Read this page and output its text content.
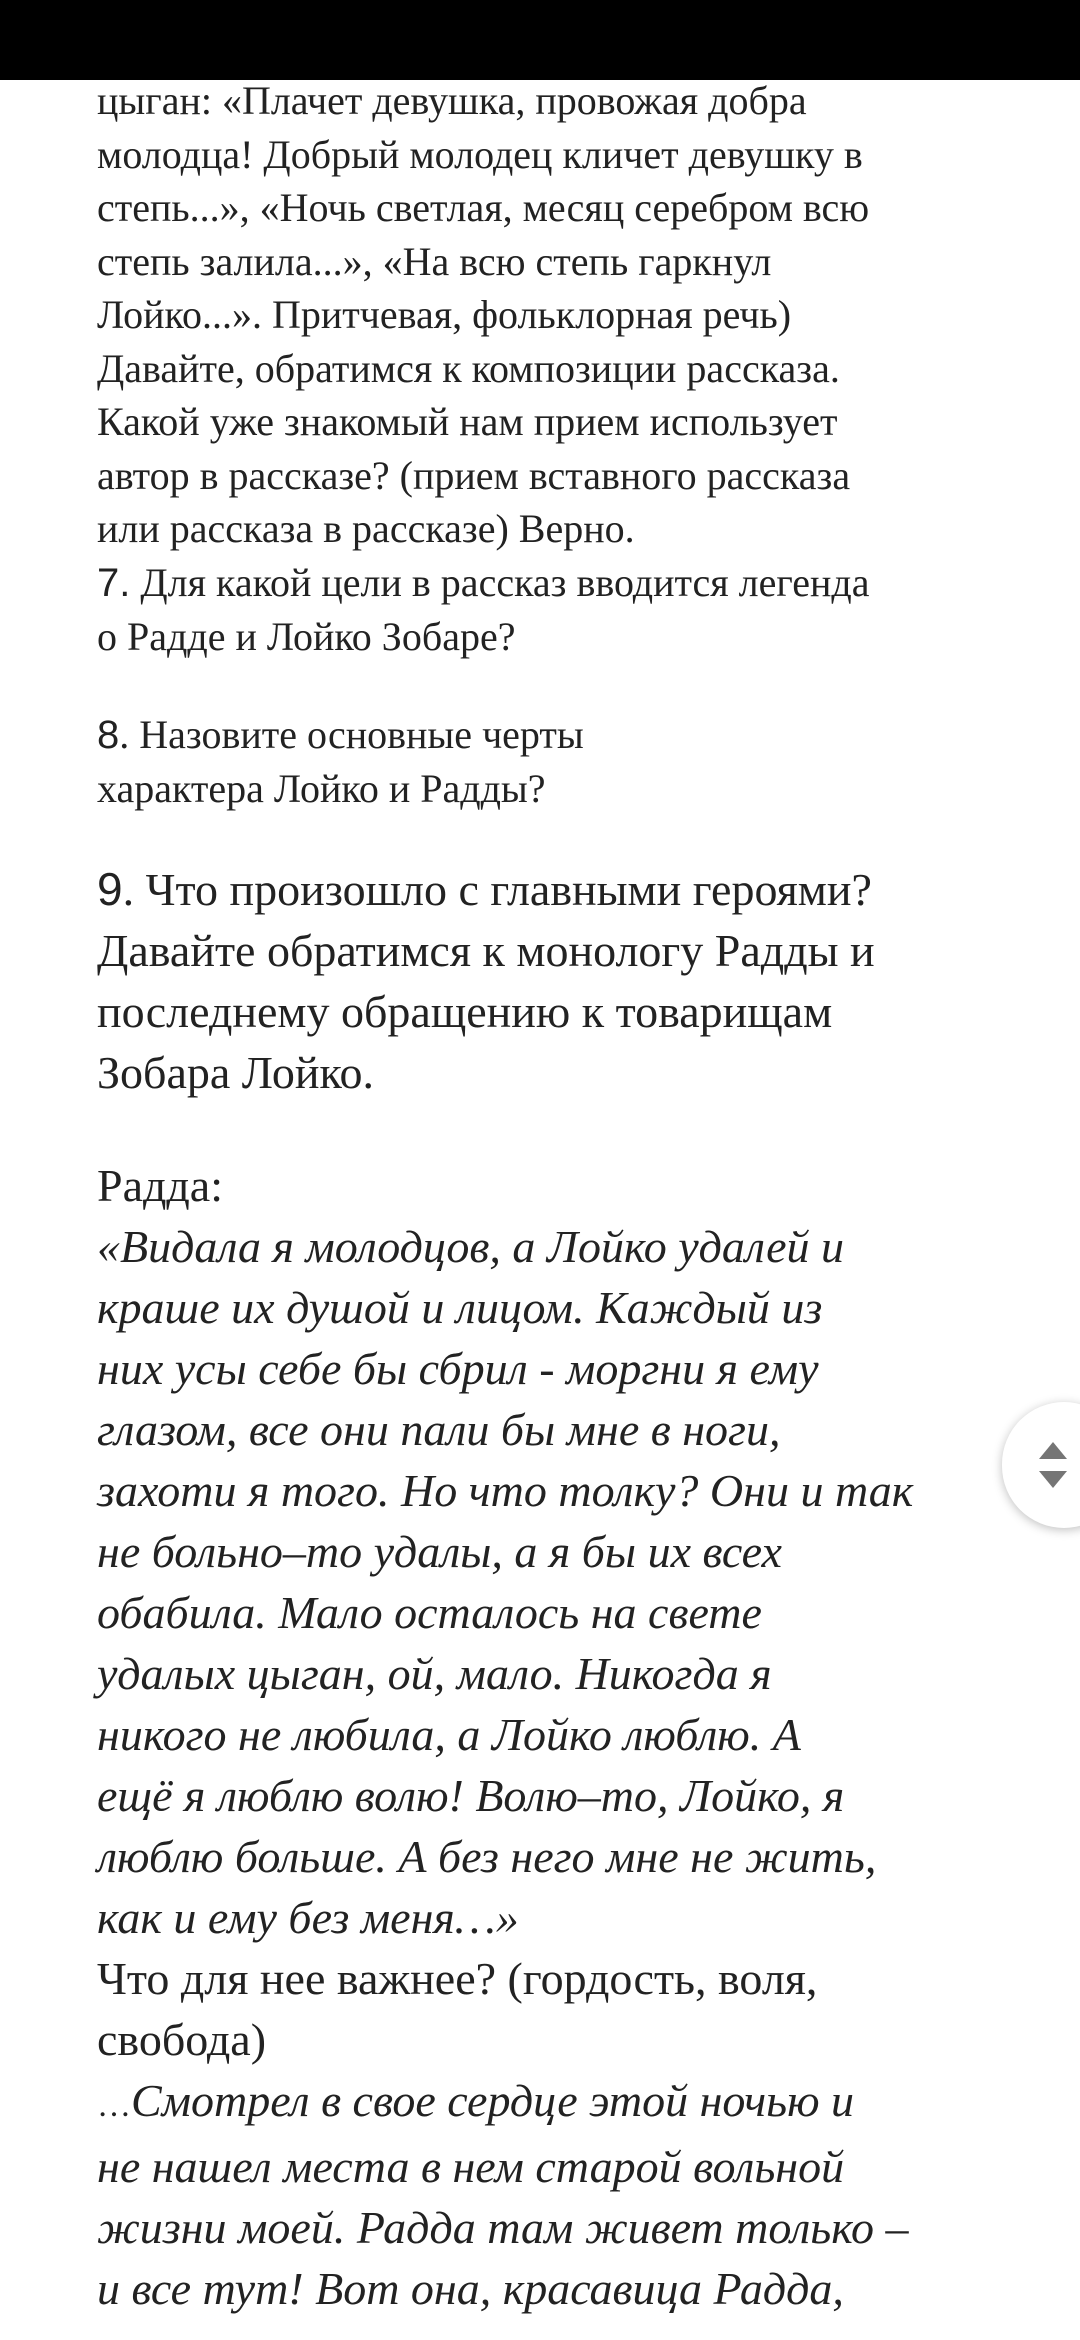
цыган: «Плачет девушка, провожая добра
молодца! Добрый молодец кличет девушку в
степь...», «Ночь светлая, месяц серебром всю
степь залила...», «На всю степь гаркнул
Лойко...». Притчевая, фольклорная речь)
Давайте, обратимся к композиции рассказа.
Какой уже знакомый нам прием использует
автор в рассказе? (прием вставного рассказа
или рассказа в рассказе) Верно.

7. Для какой цели в рассказ вводится легенда
о Радде и Лойко Зобаре?

8. Назовите основные черты
характера Лойко и Радды?

9. Что произошло с главными героями?
Давайте обратимся к монологу Радды и
последнему обращению к товарищам
Зобара Лойко.

Радда:
«Видала я молодцов, а Лойко удалей и
краше их душой и лицом. Каждый из
них усы себе бы сбрил - моргни я ему
глазом, все они пали бы мне в ноги,
захоти я того. Но что толку? Они и так
не больно–то удалы, а я бы их всех
обабила. Мало осталось на свете
удалых цыган, ой, мало. Никогда я
никого не любила, а Лойко люблю. А
ещё я люблю волю! Волю–то, Лойко, я
люблю больше. А без него мне не жить,
как и ему без меня…»
Что для нее важнее? (гордость, воля,
свобода)
…Смотрел в свое сердце этой ночью и
не нашел места в нем старой вольной
жизни моей. Радда там живет только –
и все тут! Вот она, красавица Радда,
